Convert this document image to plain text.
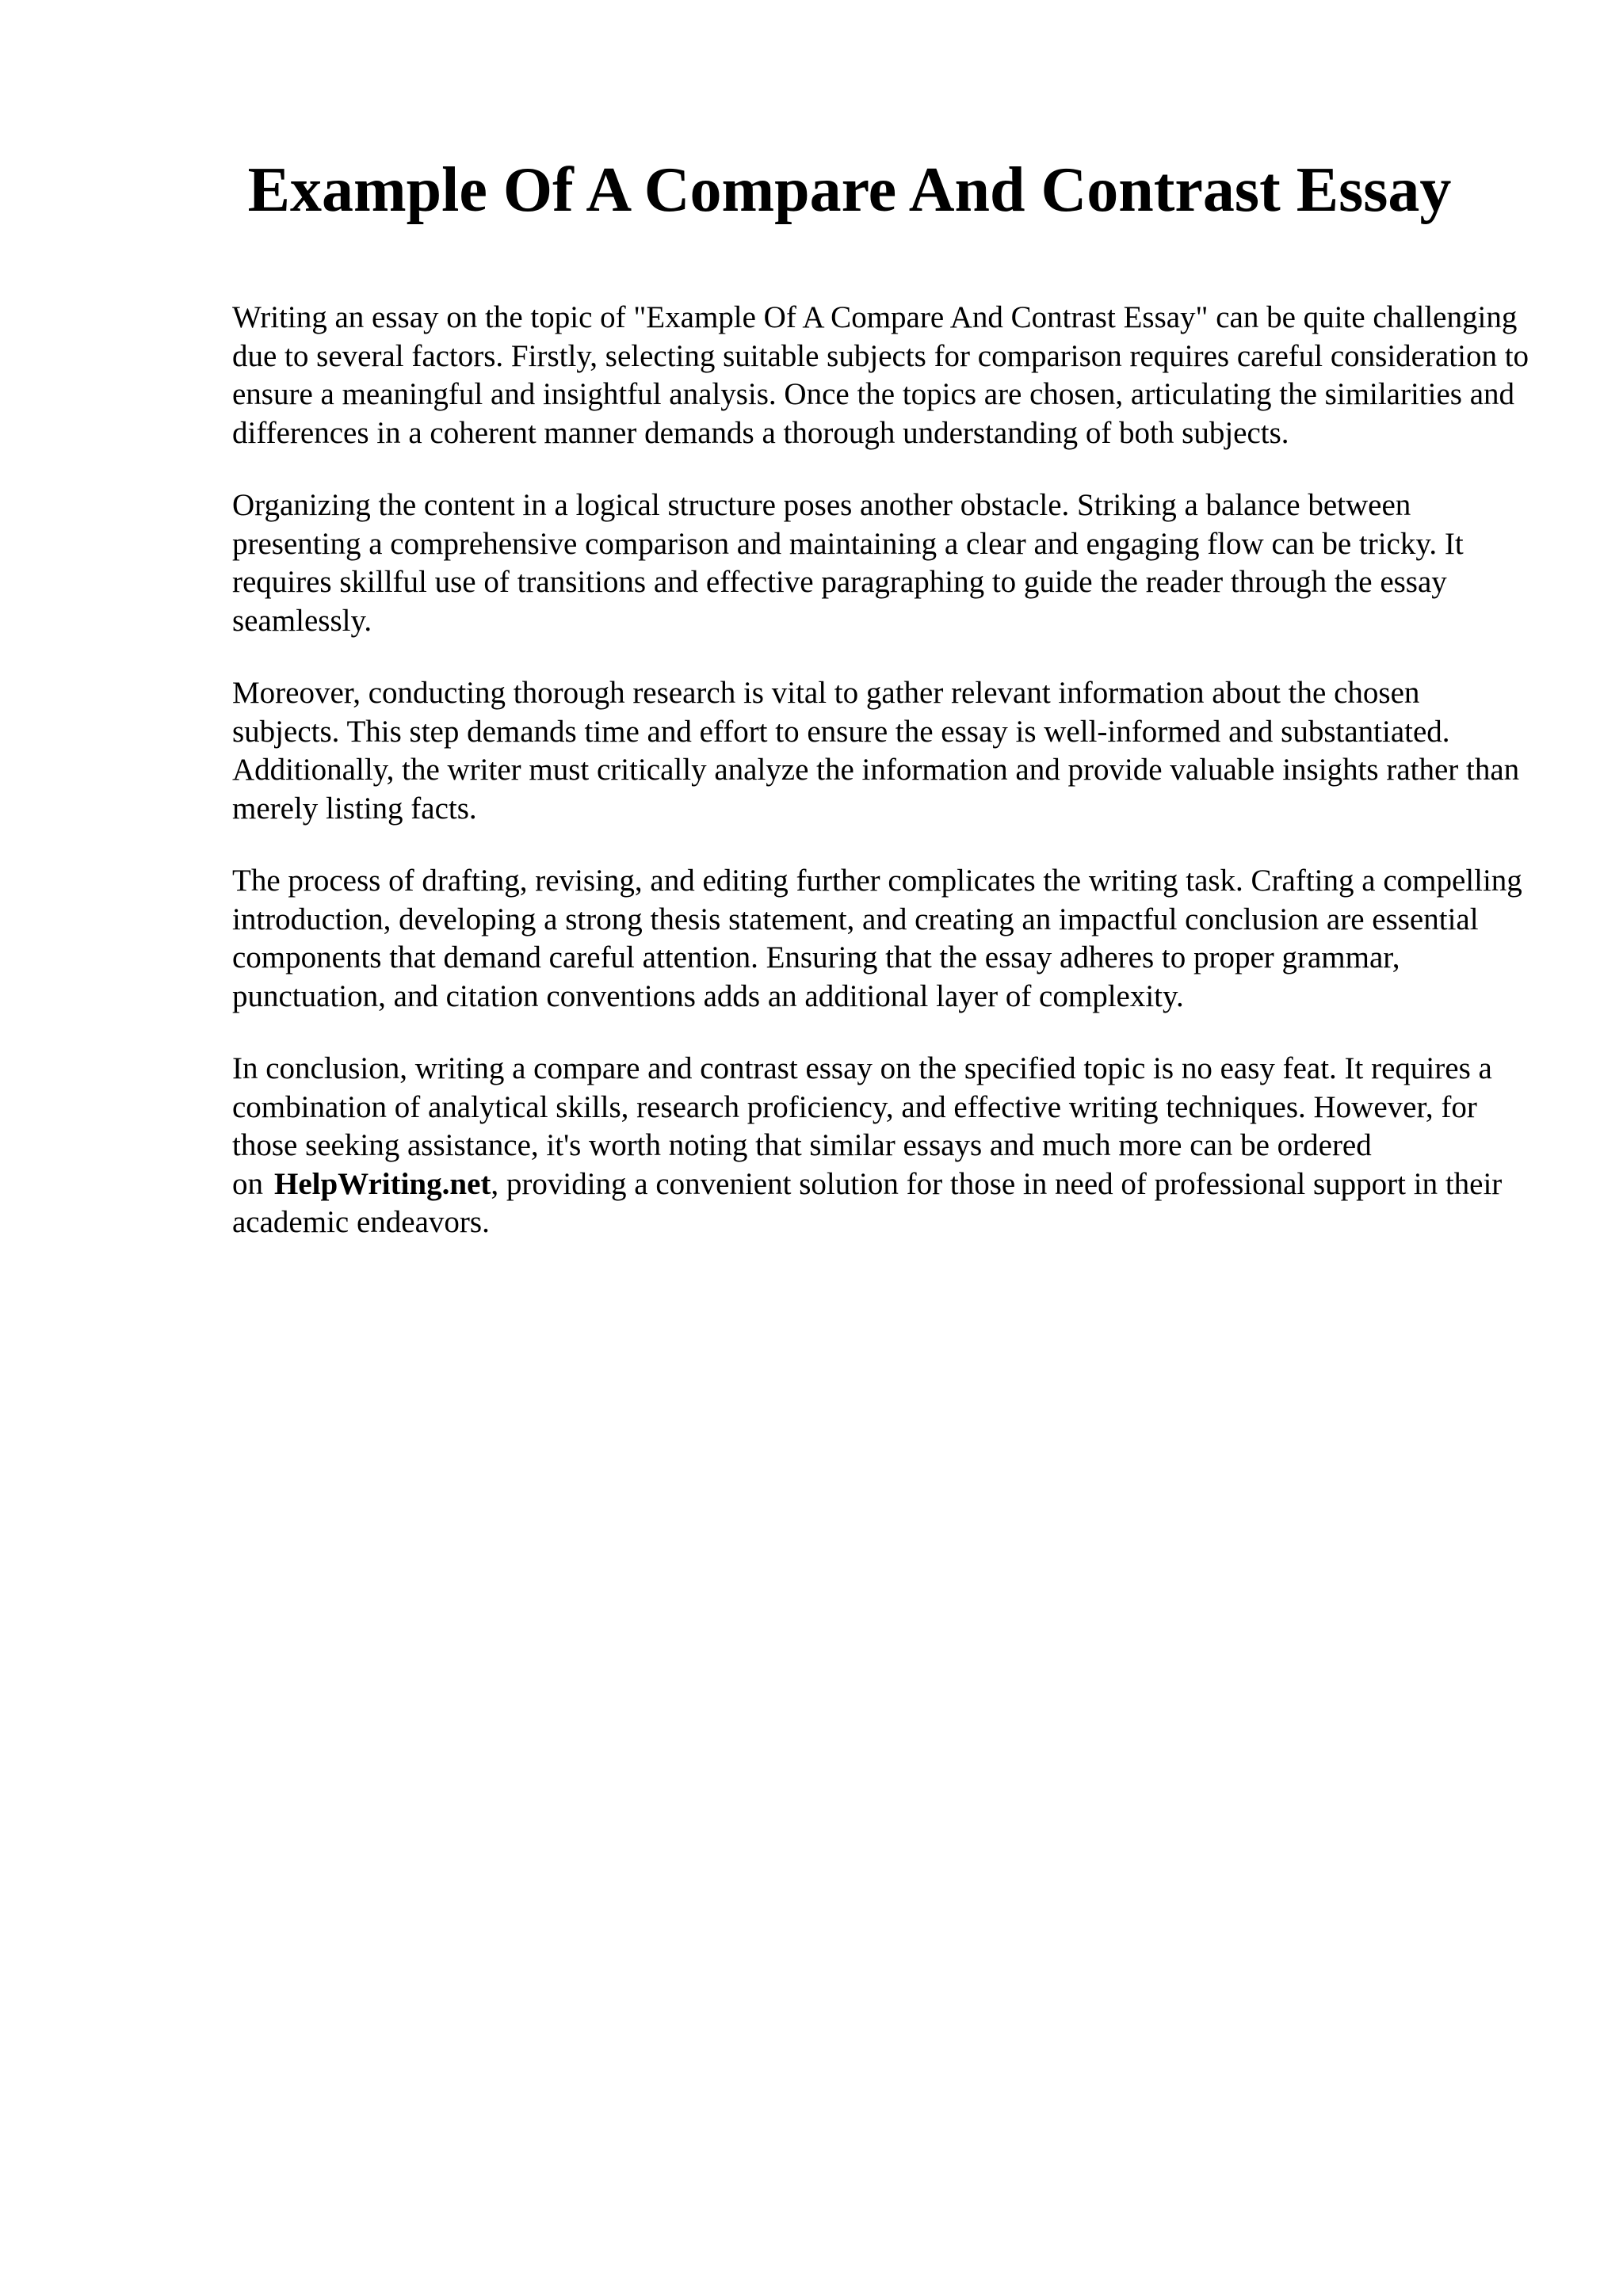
Example Of A Compare And Contrast Essay

Writing an essay on the topic of "Example Of A Compare And Contrast Essay" can be quite challenging due to several factors. Firstly, selecting suitable subjects for comparison requires careful consideration to ensure a meaningful and insightful analysis. Once the topics are chosen, articulating the similarities and differences in a coherent manner demands a thorough understanding of both subjects.

Organizing the content in a logical structure poses another obstacle. Striking a balance between presenting a comprehensive comparison and maintaining a clear and engaging flow can be tricky. It requires skillful use of transitions and effective paragraphing to guide the reader through the essay seamlessly.

Moreover, conducting thorough research is vital to gather relevant information about the chosen subjects. This step demands time and effort to ensure the essay is well-informed and substantiated. Additionally, the writer must critically analyze the information and provide valuable insights rather than merely listing facts.

The process of drafting, revising, and editing further complicates the writing task. Crafting a compelling introduction, developing a strong thesis statement, and creating an impactful conclusion are essential components that demand careful attention. Ensuring that the essay adheres to proper grammar, punctuation, and citation conventions adds an additional layer of complexity.

In conclusion, writing a compare and contrast essay on the specified topic is no easy feat. It requires a combination of analytical skills, research proficiency, and effective writing techniques. However, for those seeking assistance, it's worth noting that similar essays and much more can be ordered on HelpWriting.net, providing a convenient solution for those in need of professional support in their academic endeavors.
